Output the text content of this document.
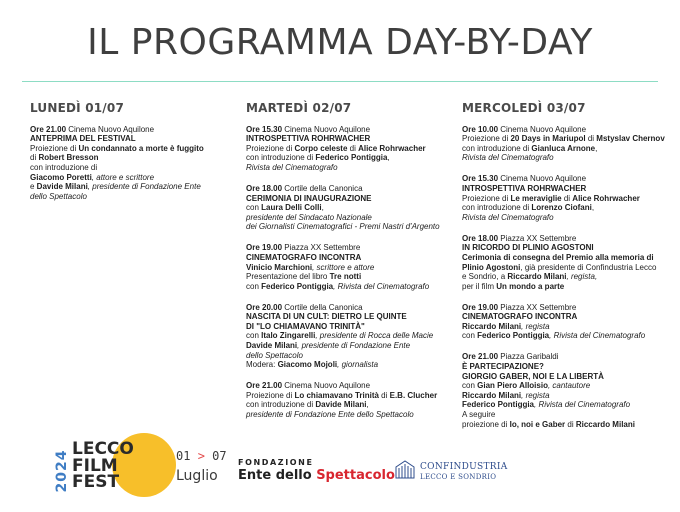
IL PROGRAMMA DAY-BY-DAY
LUNEDÌ 01/07
Ore 21.00 Cinema Nuovo Aquilone
ANTEPRIMA DEL FESTIVAL
Proiezione di Un condannato a morte è fuggito
di Robert Bresson
con introduzione di
Giacomo Poretti, attore e scrittore
e Davide Milani, presidente di Fondazione Ente
dello Spettacolo
MARTEDÌ 02/07
Ore 15.30 Cinema Nuovo Aquilone
INTROSPETTIVA ROHRWACHER
Proiezione di Corpo celeste di Alice Rohrwacher
con introduzione di Federico Pontiggia,
Rivista del Cinematografo
Ore 18.00 Cortile della Canonica
CERIMONIA DI INAUGURAZIONE
con Laura Delli Colli,
presidente del Sindacato Nazionale
dei Giornalisti Cinematografici - Premi Nastri d'Argento
Ore 19.00 Piazza XX Settembre
CINEMATOGRAFO INCONTRA
Vinicio Marchioni, scrittore e attore
Presentazione del libro Tre notti
con Federico Pontiggia, Rivista del Cinematografo
Ore 20.00 Cortile della Canonica
NASCITA DI UN CULT: DIETRO LE QUINTE
DI "LO CHIAMAVANO TRINITÀ"
con Italo Zingarelli, presidente di Rocca delle Macie
Davide Milani, presidente di Fondazione Ente
dello Spettacolo
Modera: Giacomo Mojoli, giornalista
Ore 21.00 Cinema Nuovo Aquilone
Proiezione di Lo chiamavano Trinità di E.B. Clucher
con introduzione di Davide Milani,
presidente di Fondazione Ente dello Spettacolo
MERCOLEDÌ 03/07
Ore 10.00 Cinema Nuovo Aquilone
Proiezione di 20 Days in Mariupol di Mstyslav Chernov
con introduzione di Gianluca Arnone,
Rivista del Cinematografo
Ore 15.30 Cinema Nuovo Aquilone
INTROSPETTIVA ROHRWACHER
Proiezione di Le meraviglie di Alice Rohrwacher
con introduzione di Lorenzo Ciofani,
Rivista del Cinematografo
Ore 18.00 Piazza XX Settembre
IN RICORDO DI PLINIO AGOSTONI
Cerimonia di consegna del Premio alla memoria di
Plinio Agostoni, già presidente di Confindustria Lecco
e Sondrio, a Riccardo Milani, regista,
per il film Un mondo a parte
Ore 19.00 Piazza XX Settembre
CINEMATOGRAFO INCONTRA
Riccardo Milani, regista
con Federico Pontiggia, Rivista del Cinematografo
Ore 21.00 Piazza Garibaldi
È PARTECIPAZIONE?
GIORGIO GABER, NOI E LA LIBERTÀ
con Gian Piero Alloisio, cantautore
Riccardo Milani, regista
Federico Pontiggia, Rivista del Cinematografo
A seguire
proiezione di Io, noi e Gaber di Riccardo Milani
2024
LECCO
FILM
FEST
01 > 07
Luglio
FONDAZIONE
Ente dello Spettacolo
CONFINDUSTRIA
LECCO E SONDRIO
